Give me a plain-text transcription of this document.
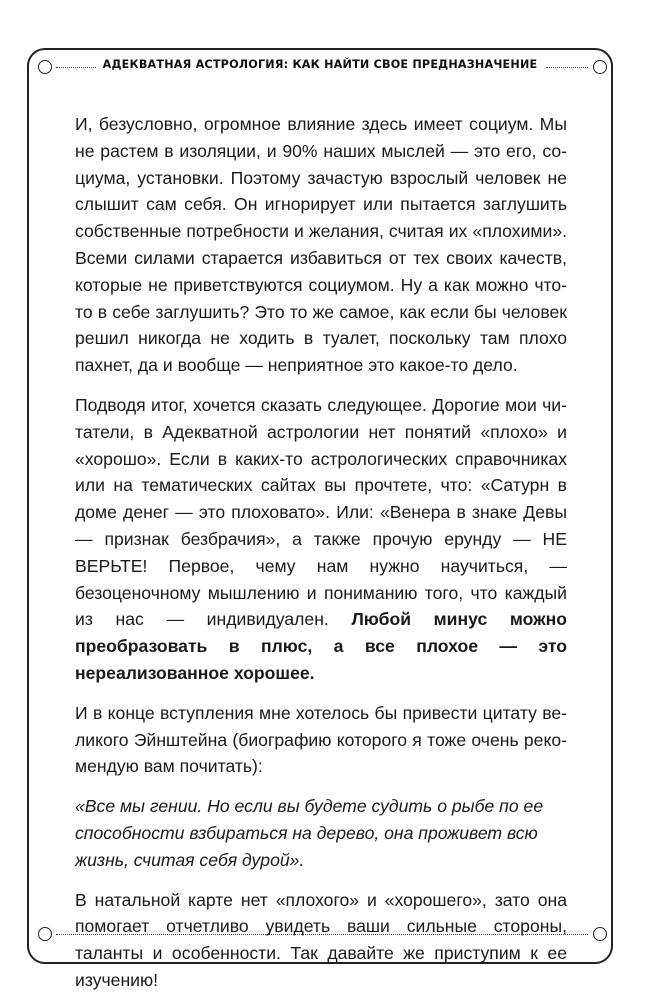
АДЕКВАТНАЯ АСТРОЛОГИЯ: КАК НАЙТИ СВОЕ ПРЕДНАЗНАЧЕНИЕ

И, безусловно, огромное влияние здесь имеет социум. Мы не растем в изоляции, и 90% наших мыслей — это его, социума, установки. Поэтому зачастую взрослый человек не слышит сам себя. Он игнорирует или пытается заглушить собственные потребности и желания, считая их «плохими». Всеми силами старается избавиться от тех своих качеств, которые не приветствуются социумом. Ну а как можно что-то в себе заглушить? Это то же самое, как если бы человек решил никогда не ходить в туалет, поскольку там плохо пахнет, да и вообще — неприятное это какое-то дело.

Подводя итог, хочется сказать следующее. Дорогие мои читатели, в Адекватной астрологии нет понятий «плохо» и «хорошо». Если в каких-то астрологических справочниках или на тематических сайтах вы прочтете, что: «Сатурн в доме денег — это плоховато». Или: «Венера в знаке Девы — признак безбрачия», а также прочую ерунду — НЕ ВЕРЬТЕ! Первое, чему нам нужно научиться, — безоценочному мышлению и пониманию того, что каждый из нас — индивидуален. Любой минус можно преобразовать в плюс, а все плохое — это нереализованное хорошее.

И в конце вступления мне хотелось бы привести цитату великого Эйнштейна (биографию которого я тоже очень рекомендую вам почитать):

«Все мы гении. Но если вы будете судить о рыбе по ее способности взбираться на дерево, она проживет всю жизнь, считая себя дурой».

В натальной карте нет «плохого» и «хорошего», зато она помогает отчетливо увидеть ваши сильные стороны, таланты и особенности. Так давайте же приступим к ее изучению!
